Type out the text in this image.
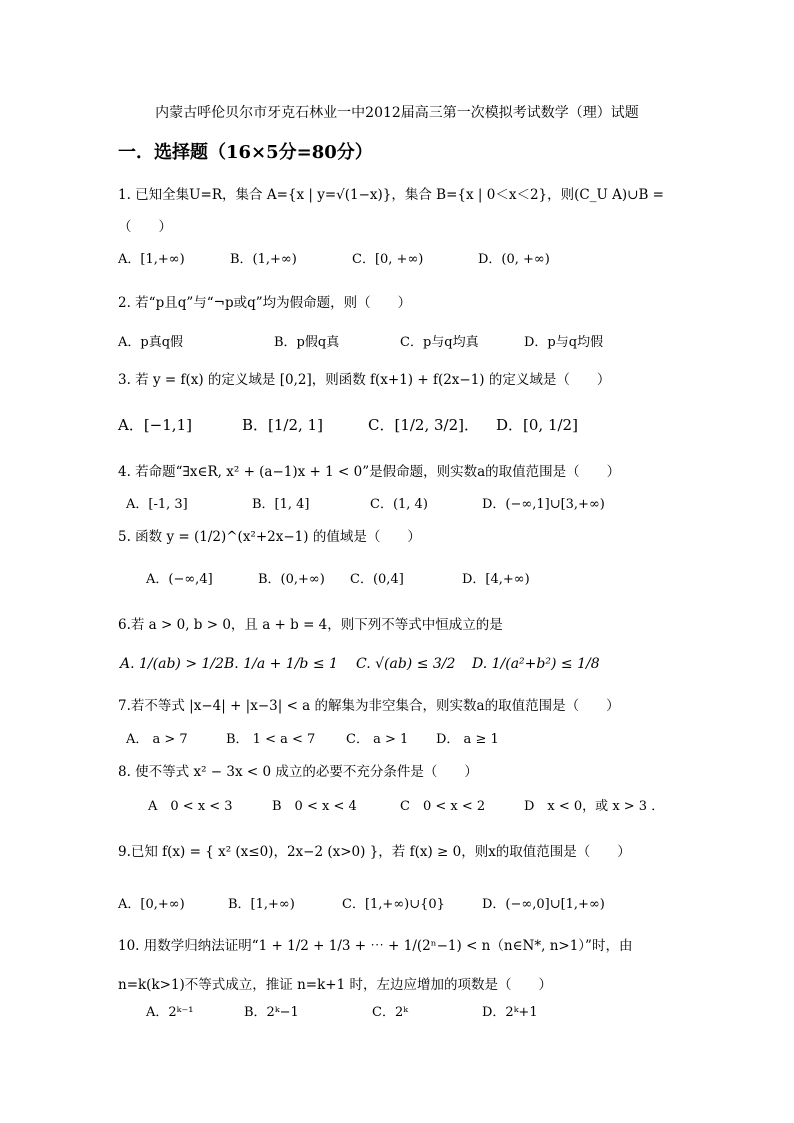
内蒙古呼伦贝尔市牙克石林业一中2012届高三第一次模拟考试数学（理）试题
一．选择题（16×5分=80分）
1. 已知全集U=R，集合 A={x | y=√(1−x)}，集合 B={x | 0＜x＜2}，则(C_U A)∪B =
（　　）
A．[1,+∞)	B．(1,+∞)	C．[0, +∞)	D．(0, +∞)
2. 若“p且q”与“¬p或q”均为假命题，则（　　）
A．p真q假	B．p假q真	C．p与q均真	D．p与q均假
3. 若 y = f(x) 的定义域是 [0,2]，则函数 f(x+1) + f(2x−1) 的定义域是（　　）
A．[−1,1]	B．[1/2, 1]	C．[1/2, 3/2]． D．[0, 1/2]
4. 若命题“∃x∈R, x² + (a−1)x + 1 < 0”是假命题，则实数a的取值范围是（　　）
A．[-1, 3]	B．[1, 4]	C．(1, 4)	D．(−∞,1]∪[3,+∞)
5. 函数 y = (1/2)^(x²+2x−1) 的值域是（　　）
A．(−∞,4]	B．(0,+∞) C．(0,4]	D．[4,+∞)
6.若 a > 0, b > 0，且 a + b = 4，则下列不等式中恒成立的是
A. 1/(ab) > 1/2 B. 1/a + 1/b ≤ 1 C. √(ab) ≤ 3/2 D. 1/(a²+b²) ≤ 1/8
7.若不等式 |x−4| + |x−3| < a 的解集为非空集合，则实数a的取值范围是（　　）
A． a > 7	B． 1 < a < 7 C． a > 1 D． a ≥ 1
8. 使不等式 x² − 3x < 0 成立的必要不充分条件是（　　）
A　0 < x < 3	B　0 < x < 4	C　0 < x < 2	D　x < 0，或 x > 3 ．
9.已知 f(x) = { x² (x≤0)，2x−2 (x>0) }，若 f(x) ≥ 0，则x的取值范围是（　　）
A．[0,+∞)	B．[1,+∞)	C．[1,+∞)∪{0}	D．(−∞,0]∪[1,+∞)
10. 用数学归纳法证明“1 + 1/2 + 1/3 + ⋯ + 1/(2ⁿ−1) < n（n∈N*, n>1）”时，由
n=k(k>1)不等式成立，推证 n=k+1 时，左边应增加的项数是（　　）
A．2ᵏ⁻¹	B．2ᵏ−1	C．2ᵏ	D．2ᵏ+1
